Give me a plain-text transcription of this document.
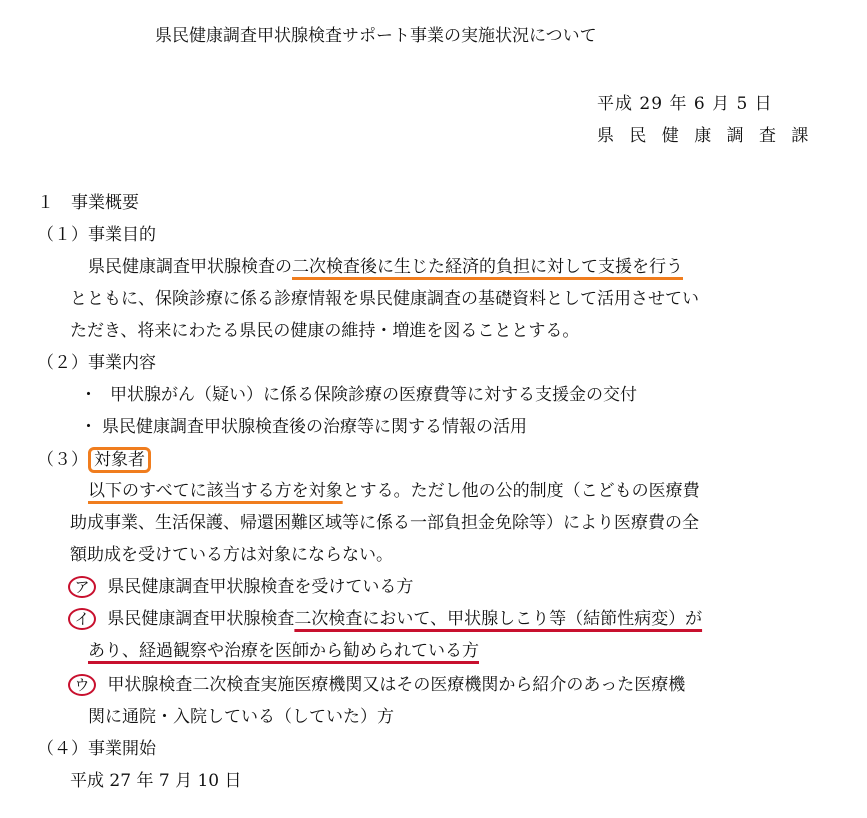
県民健康調査甲状腺検査サポート事業の実施状況について
平成 29 年 6 月 5 日
県 民 健 康 調 査 課
１　事業概要
（１）事業目的
県民健康調査甲状腺検査の二次検査後に生じた経済的負担に対して支援を行う
とともに、保険診療に係る診療情報を県民健康調査の基礎資料として活用させてい
ただき、将来にわたる県民の健康の維持・増進を図ることとする。
（２）事業内容
・ 甲状腺がん（疑い）に係る保険診療の医療費等に対する支援金の交付
・ 県民健康調査甲状腺検査後の治療等に関する情報の活用
（３） 対象者
以下のすべてに該当する方を対象とする。ただし他の公的制度（こどもの医療費
助成事業、生活保護、帰還困難区域等に係る一部負担金免除等）により医療費の全
額助成を受けている方は対象にならない。
ア 県民健康調査甲状腺検査を受けている方
イ 県民健康調査甲状腺検査二次検査において、甲状腺しこり等（結節性病変）が
あり、経過観察や治療を医師から勧められている方
ウ 甲状腺検査二次検査実施医療機関又はその医療機関から紹介のあった医療機
関に通院・入院している（していた）方
（４）事業開始
平成 27 年 7 月 10 日
